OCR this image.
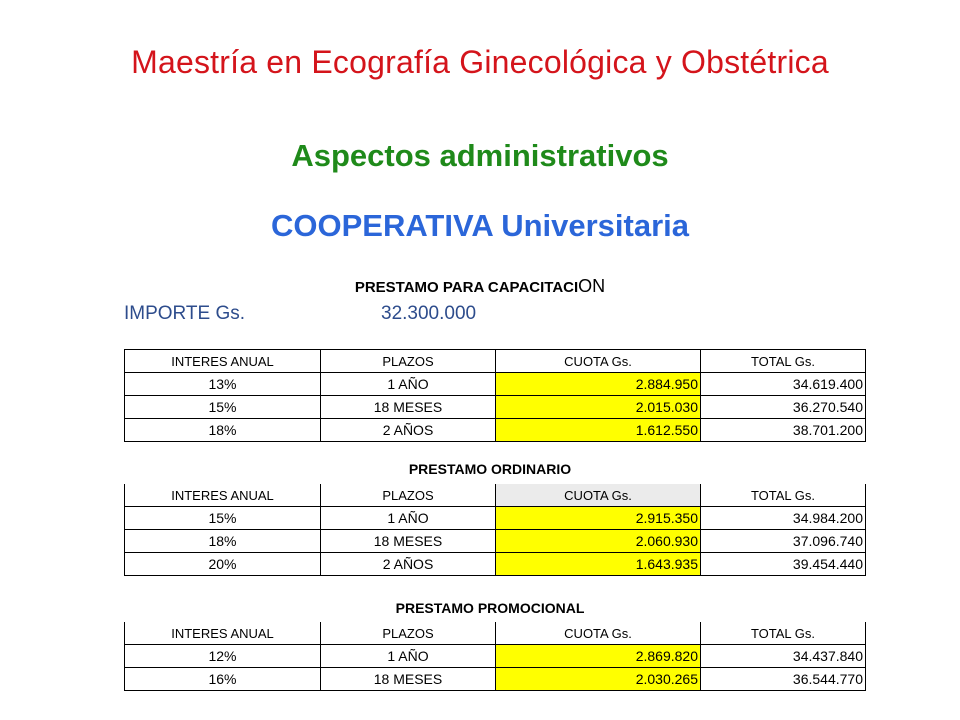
Maestría en Ecografía Ginecológica y Obstétrica
Aspectos administrativos
COOPERATIVA Universitaria
PRESTAMO PARA CAPACITACION
IMPORTE Gs.	32.300.000
INTERES ANUAL	PLAZOS	CUOTA Gs.	TOTAL Gs.
13%	1 AÑO	2.884.950	34.619.400
15%	18 MESES	2.015.030	36.270.540
18%	2 AÑOS	1.612.550	38.701.200
PRESTAMO ORDINARIO
INTERES ANUAL	PLAZOS	CUOTA Gs.	TOTAL Gs.
15%	1 AÑO	2.915.350	34.984.200
18%	18 MESES	2.060.930	37.096.740
20%	2 AÑOS	1.643.935	39.454.440
PRESTAMO PROMOCIONAL
INTERES ANUAL	PLAZOS	CUOTA Gs.	TOTAL Gs.
12%	1 AÑO	2.869.820	34.437.840
16%	18 MESES	2.030.265	36.544.770
